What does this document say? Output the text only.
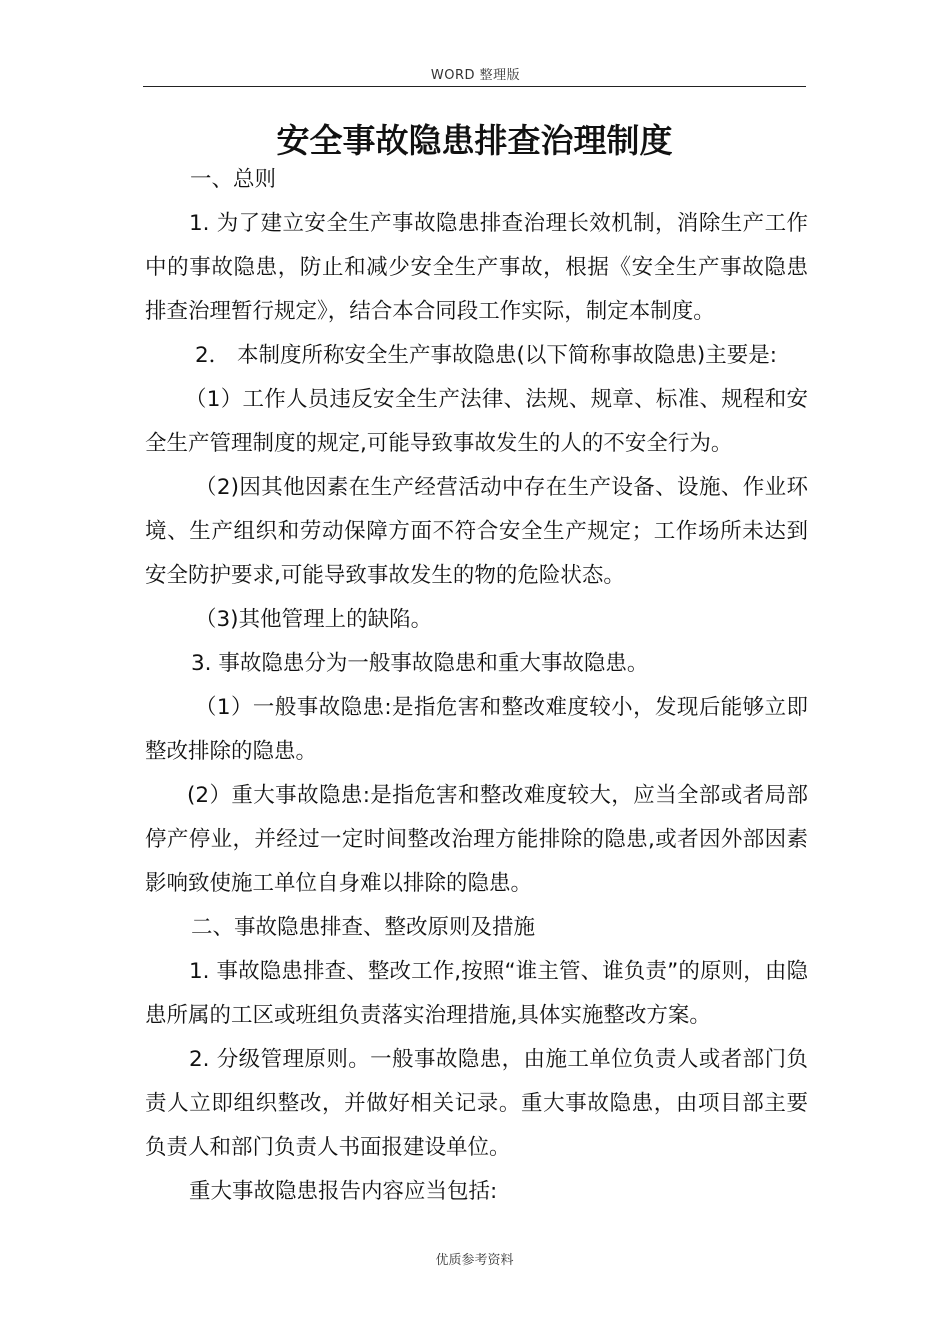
WORD 整理版
安全事故隐患排查治理制度

一、总则

1. 为了建立安全生产事故隐患排查治理长效机制，消除生产工作中的事故隐患，防止和减少安全生产事故，根据《安全生产事故隐患排查治理暂行规定》，结合本合同段工作实际，制定本制度。

2． 本制度所称安全生产事故隐患(以下简称事故隐患)主要是:

（1）工作人员违反安全生产法律、法规、规章、标准、规程和安全生产管理制度的规定,可能导致事故发生的人的不安全行为。

（2)因其他因素在生产经营活动中存在生产设备、设施、作业环境、生产组织和劳动保障方面不符合安全生产规定；工作场所未达到安全防护要求,可能导致事故发生的物的危险状态。

（3)其他管理上的缺陷。

3. 事故隐患分为一般事故隐患和重大事故隐患。

（1）一般事故隐患:是指危害和整改难度较小，发现后能够立即整改排除的隐患。

(2）重大事故隐患:是指危害和整改难度较大，应当全部或者局部停产停业，并经过一定时间整改治理方能排除的隐患,或者因外部因素影响致使施工单位自身难以排除的隐患。

二、事故隐患排查、整改原则及措施

1. 事故隐患排查、整改工作,按照“谁主管、谁负责”的原则，由隐患所属的工区或班组负责落实治理措施,具体实施整改方案。

2. 分级管理原则。一般事故隐患，由施工单位负责人或者部门负责人立即组织整改，并做好相关记录。重大事故隐患，由项目部主要负责人和部门负责人书面报建设单位。

重大事故隐患报告内容应当包括:

优质参考资料
